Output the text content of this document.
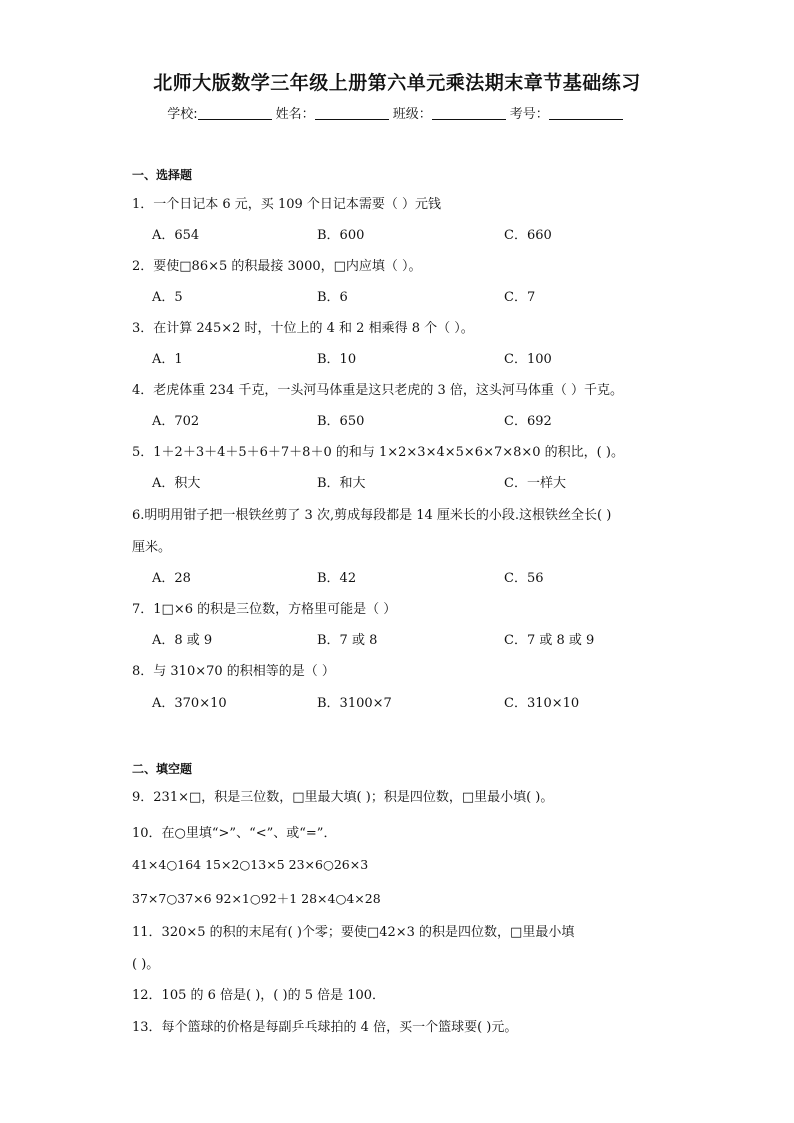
北师大版数学三年级上册第六单元乘法期末章节基础练习
学校:	姓名：	班级：	考号：
一、选择题
1．一个日记本 6 元，买 109 个日记本需要（ ）元钱
A．654	B．600	C．660
2．要使□86×5 的积最接 3000，□内应填（ ）。
A．5	B．6	C．7
3．在计算 245×2 时，十位上的 4 和 2 相乘得 8 个（ ）。
A．1	B．10	C．100
4．老虎体重 234 千克，一头河马体重是这只老虎的 3 倍，这头河马体重（ ）千克。
A．702	B．650	C．692
5．1＋2＋3＋4＋5＋6＋7＋8＋0 的和与 1×2×3×4×5×6×7×8×0 的积比，( )。
A．积大	B．和大	C．一样大
6.明明用钳子把一根铁丝剪了 3 次,剪成每段都是 14 厘米长的小段.这根铁丝全长( )
厘米。
A．28	B．42	C．56
7．1□×6 的积是三位数，方格里可能是（ ）
A．8 或 9	B．7 或 8	C．7 或 8 或 9
8．与 310×70 的积相等的是（ ）
A．370×10	B．3100×7	C．310×10
二、填空题
9．231×□，积是三位数，□里最大填( )；积是四位数，□里最小填( )。
10．在○里填“>”、“<”、或“=”．
41×4○164 15×2○13×5 23×6○26×3
37×7○37×6 92×1○92＋1 28×4○4×28
11．320×5 的积的末尾有( )个零；要使□42×3 的积是四位数，□里最小填
( )。
12．105 的 6 倍是( )，( )的 5 倍是 100．
13．每个篮球的价格是每副乒乓球拍的 4 倍，买一个篮球要( )元。
